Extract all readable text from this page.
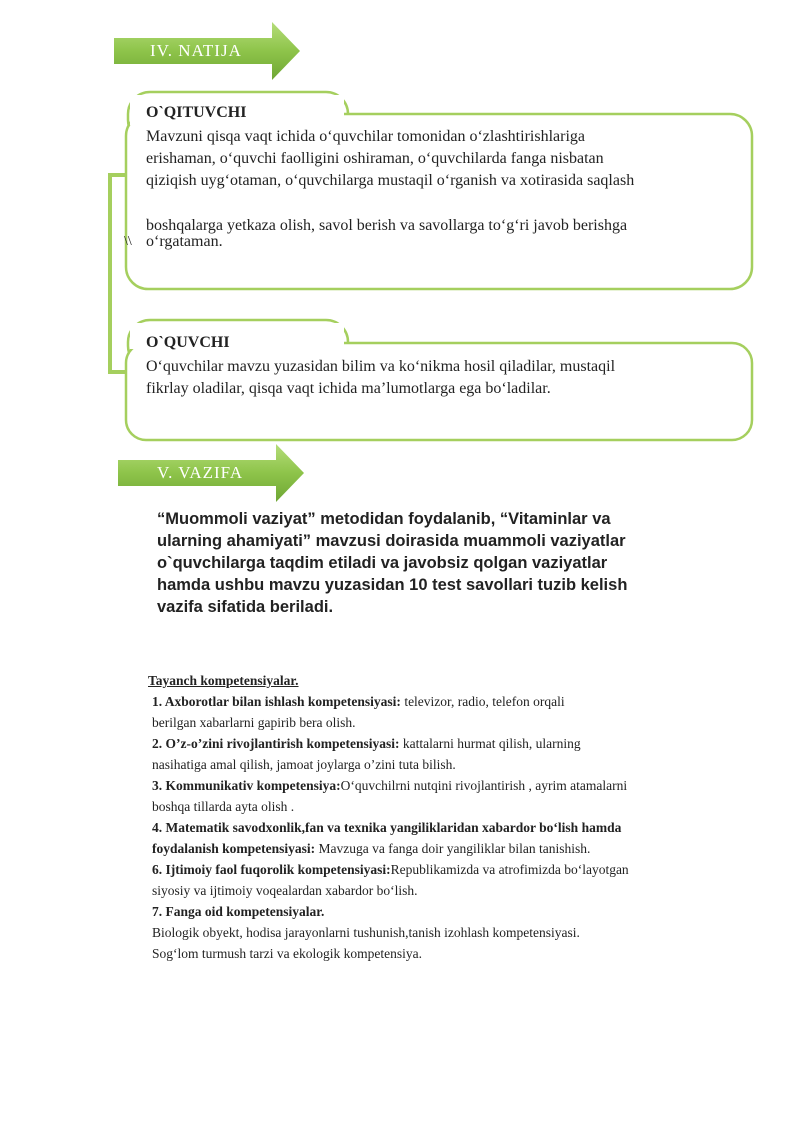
IV. NATIJA
V. VAZIFA
O`QITUVCHI
Mavzuni qisqa vaqt ichida o‘quvchilar tomonidan o‘zlashtirishlariga
erishaman, o‘quvchi faolligini oshiraman, o‘quvchilarda fanga nisbatan
qiziqish uyg‘otaman, o‘quvchilarga mustaqil o‘rganish va xotirasida saqlash
boshqalarga yetkaza olish, savol berish va savollarga to‘g‘ri javob berishga
\\ o‘rgataman.
O`QUVCHI
O‘quvchilar mavzu yuzasidan bilim va ko‘nikma hosil qiladilar, mustaqil
fikrlay oladilar, qisqa vaqt ichida ma’lumotlarga ega bo‘ladilar.
“Muommoli vaziyat” metodidan foydalanib, “Vitaminlar va
ularning ahamiyati” mavzusi doirasida muammoli vaziyatlar
o`quvchilarga taqdim etiladi va javobsiz qolgan vaziyatlar
hamda ushbu mavzu yuzasidan 10 test savollari tuzib kelish
vazifa sifatida beriladi.

Tayanch kompetensiyalar.

1. Axborotlar bilan ishlash kompetensiyasi: televizor, radio, telefon orqali

berilgan xabarlarni gapirib bera olish.

2. O’z-o’zini rivojlantirish kompetensiyasi: kattalarni hurmat qilish, ularning

nasihatiga amal qilish, jamoat joylarga o’zini tuta bilish.

3. Kommunikativ kompetensiya:O‘quvchilrni nutqini rivojlantirish , ayrim atamalarni

boshqa tillarda ayta olish .

4. Matematik savodxonlik,fan va texnika yangiliklaridan xabardor bo‘lish hamda

foydalanish kompetensiyasi: Mavzuga va fanga doir yangiliklar bilan tanishish.

6. Ijtimoiy faol fuqorolik kompetensiyasi:Republikamizda va atrofimizda bo‘layotgan

siyosiy va ijtimoiy voqealardan xabardor bo‘lish.

7. Fanga oid kompetensiyalar.

Biologik obyekt, hodisa jarayonlarni tushunish,tanish izohlash kompetensiyasi.

Sog‘lom turmush tarzi va ekologik kompetensiya.
